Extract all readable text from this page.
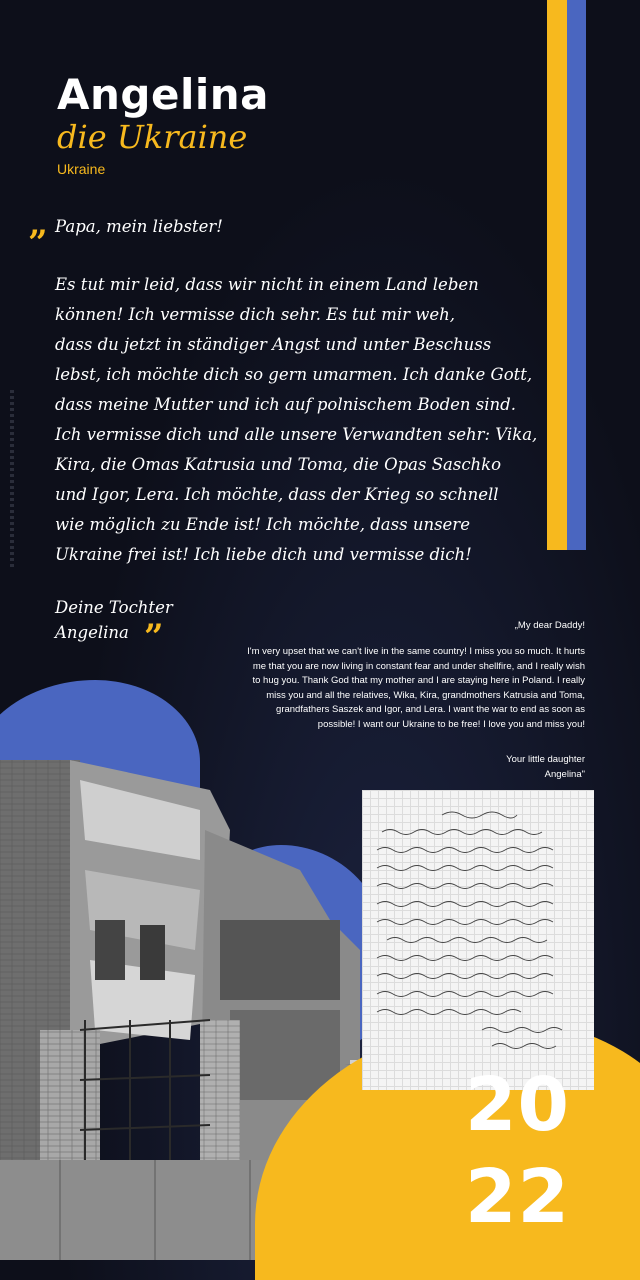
Angelina
die Ukraine
Ukraine
” Papa, mein liebster!
Es tut mir leid, dass wir nicht in einem Land leben
können! Ich vermisse dich sehr. Es tut mir weh,
dass du jetzt in ständiger Angst und unter Beschuss
lebst, ich möchte dich so gern umarmen. Ich danke Gott,
dass meine Mutter und ich auf polnischem Boden sind.
Ich vermisse dich und alle unsere Verwandten sehr: Vika,
Kira, die Omas Katrusia und Toma, die Opas Saschko
und Igor, Lera. Ich möchte, dass der Krieg so schnell
wie möglich zu Ende ist! Ich möchte, dass unsere
Ukraine frei ist! Ich liebe dich und vermisse dich!
Deine Tochter
Angelina ”	„My dear Daddy!
I'm very upset that we can't live in the same country! I miss you so much. It hurts me that you are now living in constant fear and under shellfire, and I really wish to hug you. Thank God that my mother and I are staying here in Poland. I really miss you and all the relatives, Wika, Kira, grandmothers Katrusia and Toma, grandfathers Saszek and Igor, and Lera. I want the war to end as soon as possible! I want our Ukraine to be free! I love you and miss you!
Your little daughter
Angelina"
20
22
